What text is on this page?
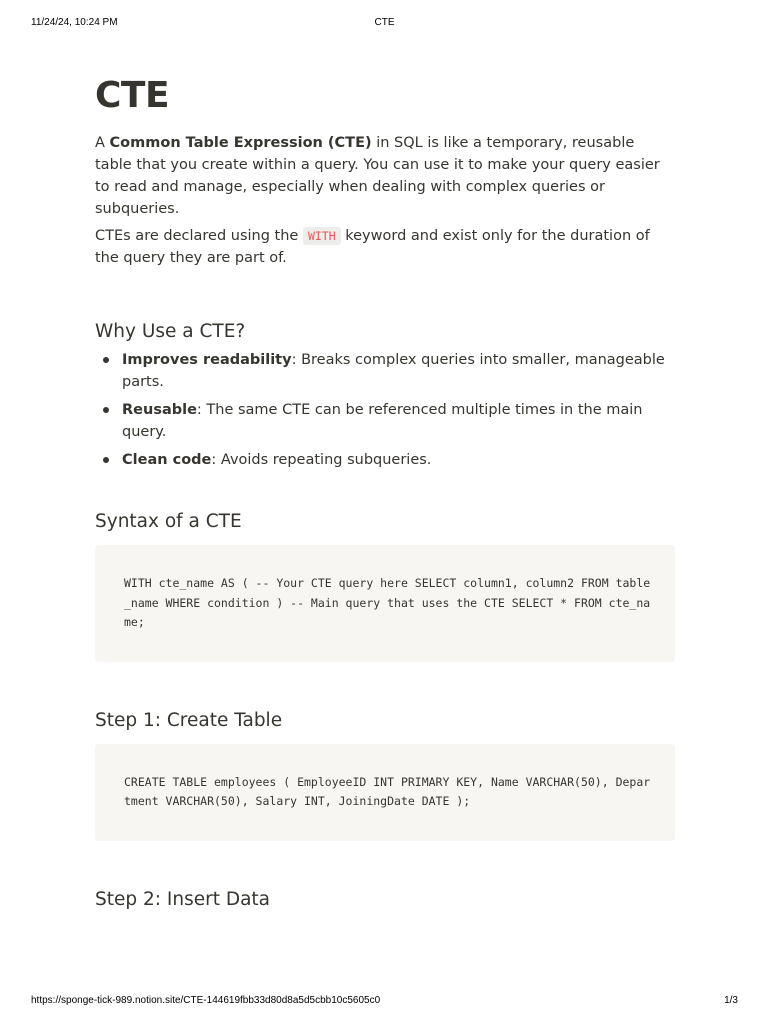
11/24/24, 10:24 PM	CTE
CTE

A Common Table Expression (CTE) in SQL is like a temporary, reusable table that you create within a query. You can use it to make your query easier to read and manage, especially when dealing with complex queries or subqueries.

CTEs are declared using the WITH keyword and exist only for the duration of the query they are part of.

Why Use a CTE?
Improves readability: Breaks complex queries into smaller, manageable parts.
Reusable: The same CTE can be referenced multiple times in the main query.
Clean code: Avoids repeating subqueries.
Syntax of a CTE
WITH cte_name AS ( -- Your CTE query here SELECT column1, column2 FROM table_name WHERE condition ) -- Main query that uses the CTE SELECT * FROM cte_name;
Step 1: Create Table
CREATE TABLE employees ( EmployeeID INT PRIMARY KEY, Name VARCHAR(50), Department VARCHAR(50), Salary INT, JoiningDate DATE );
Step 2: Insert Data
https://sponge-tick-989.notion.site/CTE-144619fbb33d80d8a5d5cbb10c5605c0	1/3
